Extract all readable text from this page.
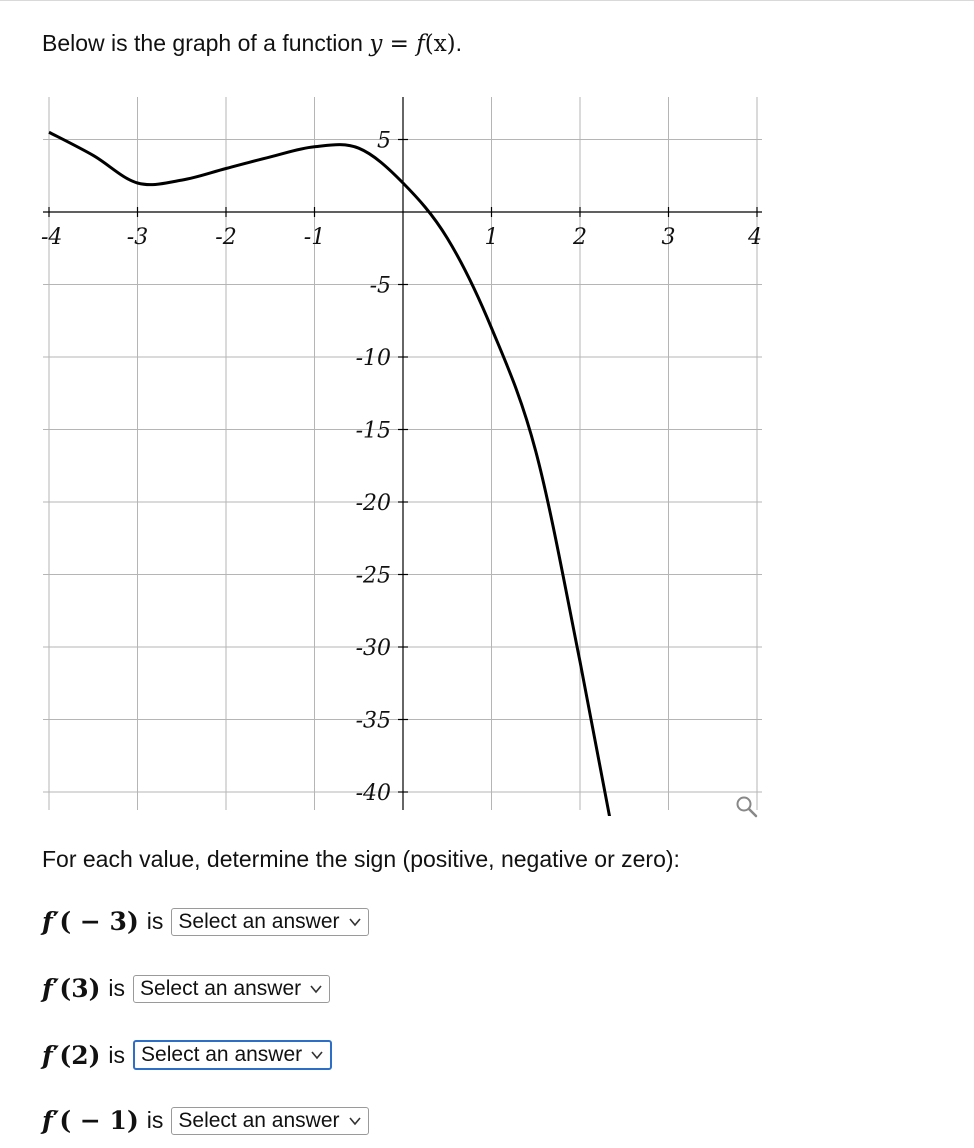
Below is the graph of a function y = f(x).
-4	-3	-2	-1	1	2	3	4
5
-5
-10
-15
-20
-25
-30
-35
-40
For each value, determine the sign (positive, negative or zero):
f′( − 3) is Select an answer
f′(3) is Select an answer
f′(2) is Select an answer
f′( − 1) is Select an answer
